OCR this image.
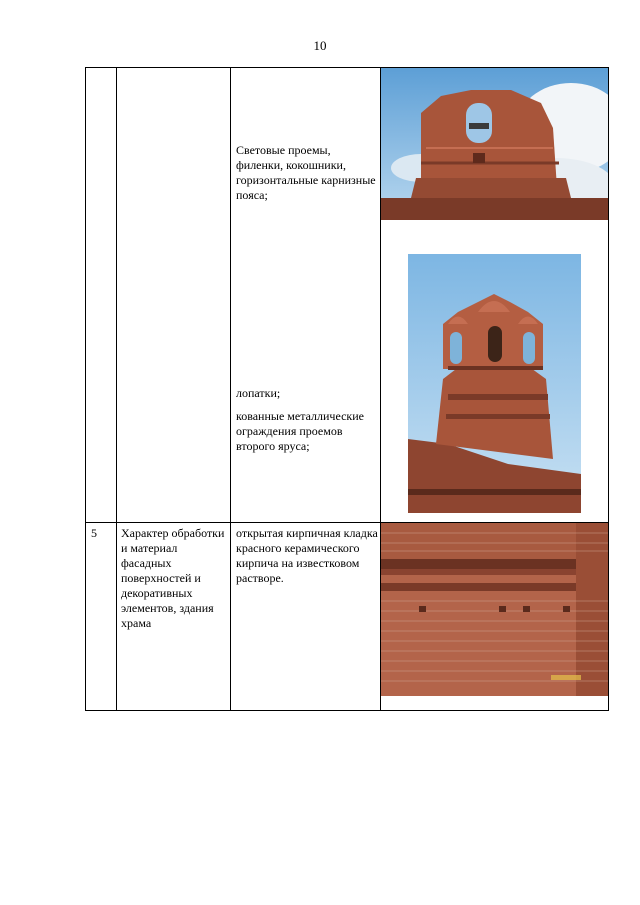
10

Световые проемы, филенки, кокошники, горизонтальные карнизные пояса;

лопатки;

кованные металлические ограждения проемов второго яруса;

5 Характер обработки и материал фасадных поверхностей и декоративных элементов, здания храма

открытая кирпичная кладка красного керамического кирпича на известковом растворе.
